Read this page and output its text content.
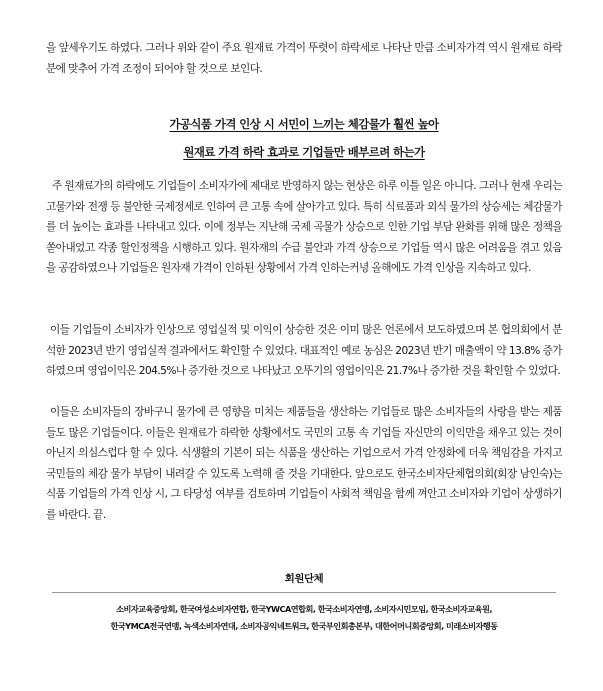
을 앞세우기도 하였다. 그러나 위와 같이 주요 원재료 가격이 뚜렷이 하락세로 나타난 만큼 소비자가격 역시 원재료 하락분에 맞추어 가격 조정이 되어야 할 것으로 보인다.

가공식품 가격 인상 시 서민이 느끼는 체감물가 훨씬 높아
원재료 가격 하락 효과로 기업들만 배부르려 하는가

주 원재료가의 하락에도 기업들이 소비자가에 제대로 반영하지 않는 현상은 하루 이틀 일은 아니다. 그러나 현재 우리는 고물가와 전쟁 등 불안한 국제정세로 인하여 큰 고통 속에 살아가고 있다. 특히 식료품과 외식 물가의 상승세는 체감물가를 더 높이는 효과를 나타내고 있다. 이에 정부는 지난해 국제 곡물가 상승으로 인한 기업 부담 완화를 위해 많은 정책을 쏟아내었고 각종 할인정책을 시행하고 있다. 원자재의 수급 불안과 가격 상승으로 기업들 역시 많은 어려움을 겪고 있음을 공감하였으나 기업들은 원자재 가격이 인하된 상황에서 가격 인하는커녕 올해에도 가격 인상을 지속하고 있다.

이들 기업들이 소비자가 인상으로 영업실적 및 이익이 상승한 것은 이미 많은 언론에서 보도하였으며 본 협의회에서 분석한 2023년 반기 영업실적 결과에서도 확인할 수 있었다. 대표적인 예로 농심은 2023년 반기 매출액이 약 13.8% 증가하였으며 영업이익은 204.5%나 증가한 것으로 나타났고 오뚜기의 영업이익은 21.7%나 증가한 것을 확인할 수 있었다.

이들은 소비자들의 장바구니 물가에 큰 영향을 미치는 제품들을 생산하는 기업들로 많은 소비자들의 사랑을 받는 제품들도 많은 기업들이다. 이들은 원재료가 하락한 상황에서도 국민의 고통 속 기업들 자신만의 이익만을 채우고 있는 것이 아닌지 의심스럽다 할 수 있다. 식생활의 기본이 되는 식품을 생산하는 기업으로서 가격 안정화에 더욱 책임감을 가지고 국민들의 체감 물가 부담이 내려갈 수 있도록 노력해 줄 것을 기대한다. 앞으로도 한국소비자단체협의회(회장 남인숙)는 식품 기업들의 가격 인상 시, 그 타당성 여부를 검토하며 기업들이 사회적 책임을 함께 껴안고 소비자와 기업이 상생하기를 바란다. 끝.

회원단체
소비자교육중앙회, 한국여성소비자연합, 한국YWCA연합회, 한국소비자연맹, 소비자시민모임, 한국소비자교육원,
한국YMCA전국연맹, 녹색소비자연대, 소비자공익네트워크, 한국부인회총본부, 대한어머니회중앙회, 미래소비자행동
